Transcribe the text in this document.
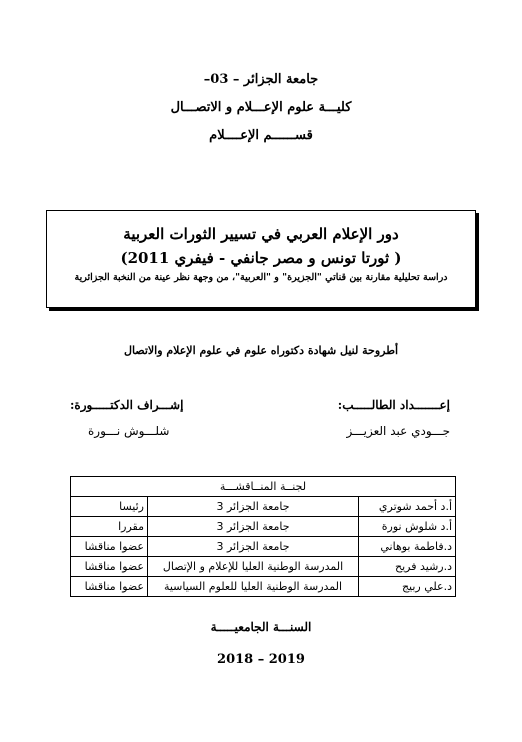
جامعة الجزائر – 03–
كليـــة علوم الإعـــلام و الاتصـــال
قســــــم الإعــــلام
دور الإعلام العربي في تسيير الثورات العربية
( ثورتا تونس و مصر جانفي - فيفري 2011)
دراسة تحليلية مقارنة بين قناتي "الجزيرة" و "العربية"، من وجهة نظر عينة من النخبة الجزائرية
أطروحة لنيل شهادة دكتوراه علوم في علوم الإعلام والاتصال
إعـــــــداد الطالـــــب:
جـــودي عبد العزيـــز
إشـــراف الدكتـــــورة:
شلـــوش نـــورة
لجنــة المنــاقشـــة		
أ.د أحمد شوتري	جامعة الجزائر 3	رئيسا
أ.د شلوش نورة	جامعة الجزائر 3	مقررا
د.فاطمة بوهاني	جامعة الجزائر 3	عضوا مناقشا
د.رشيد فريح	المدرسة الوطنية العليا للإعلام و الإتصال	عضوا مناقشا
د.علي ربيج	المدرسة الوطنية العليا للعلوم السياسية	عضوا مناقشا
السنـــة الجامعيـــــة
2018 – 2019
